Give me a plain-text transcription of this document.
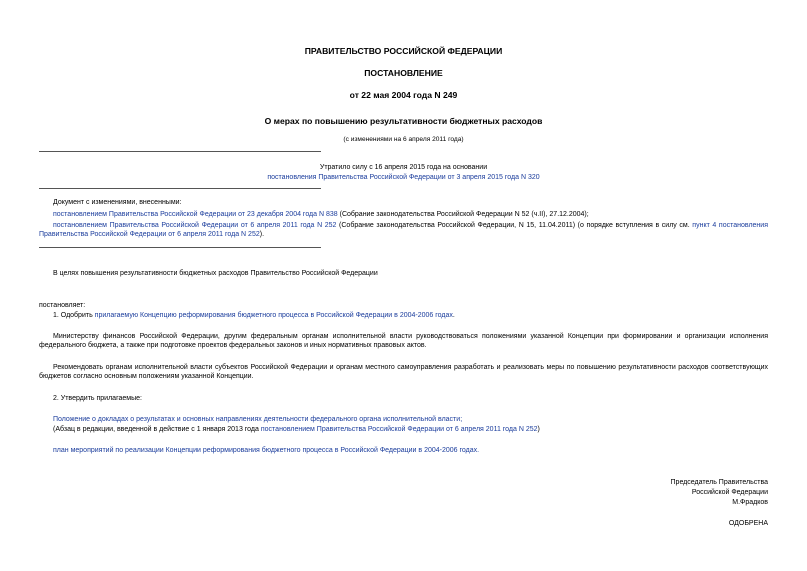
ПРАВИТЕЛЬСТВО РОССИЙСКОЙ ФЕДЕРАЦИИ
ПОСТАНОВЛЕНИЕ
от 22 мая 2004 года N 249
О мерах по повышению результативности бюджетных расходов
(с изменениями на 6 апреля 2011 года)
Утратило силу с 16 апреля 2015 года на основании
постановления Правительства Российской Федерации от 3 апреля 2015 года N 320
Документ с изменениями, внесенными:
постановлением Правительства Российской Федерации от 23 декабря 2004 года N 838 (Собрание законодательства Российской Федерации N 52 (ч.II), 27.12.2004);
постановлением Правительства Российской Федерации от 6 апреля 2011 года N 252 (Собрание законодательства Российской Федерации, N 15, 11.04.2011) (о порядке вступления в силу см. пункт 4 постановления Правительства Российской Федерации от 6 апреля 2011 года N 252).
В целях повышения результативности бюджетных расходов Правительство Российской Федерации
постановляет:
1. Одобрить прилагаемую Концепцию реформирования бюджетного процесса в Российской Федерации в 2004-2006 годах.
Министерству финансов Российской Федерации, другим федеральным органам исполнительной власти руководствоваться положениями указанной Концепции при формировании и организации исполнения федерального бюджета, а также при подготовке проектов федеральных законов и иных нормативных правовых актов.
Рекомендовать органам исполнительной власти субъектов Российской Федерации и органам местного самоуправления разработать и реализовать меры по повышению результативности расходов соответствующих бюджетов согласно основным положениям указанной Концепции.
2. Утвердить прилагаемые:
Положение о докладах о результатах и основных направлениях деятельности федерального органа исполнительной власти;
(Абзац в редакции, введенной в действие с 1 января 2013 года постановлением Правительства Российской Федерации от 6 апреля 2011 года N 252)
план мероприятий по реализации Концепции реформирования бюджетного процесса в Российской Федерации в 2004-2006 годах.
Председатель Правительства
Российской Федерации
М.Фрадков
ОДОБРЕНА
